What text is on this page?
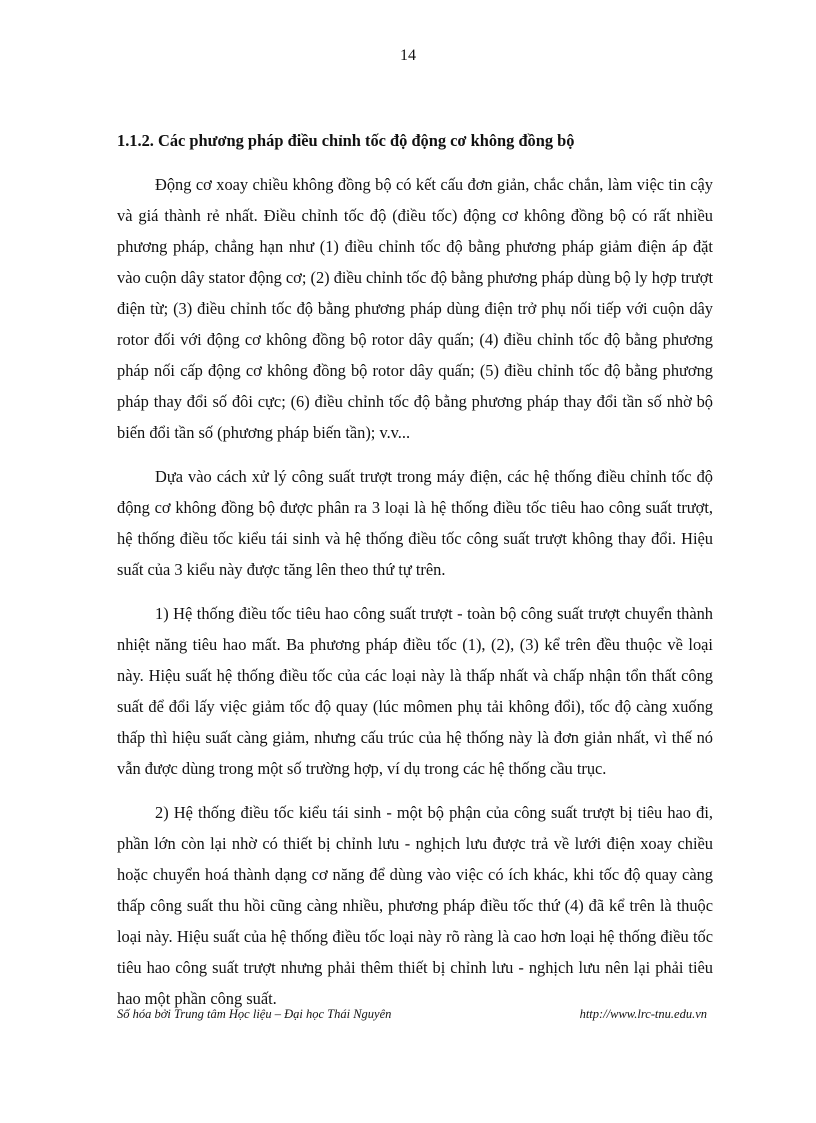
14
1.1.2. Các phương pháp điều chỉnh tốc độ động cơ không đồng bộ

Động cơ xoay chiều không đồng bộ có kết cấu đơn giản, chắc chắn, làm việc tin cậy và giá thành rẻ nhất. Điều chỉnh tốc độ (điều tốc) động cơ không đồng bộ có rất nhiều phương pháp, chẳng hạn như (1) điều chỉnh tốc độ bằng phương pháp giảm điện áp đặt vào cuộn dây stator động cơ; (2) điều chỉnh tốc độ bằng phương pháp dùng bộ ly hợp trượt điện từ; (3) điều chỉnh tốc độ bằng phương pháp dùng điện trở phụ nối tiếp với cuộn dây rotor đối với động cơ không đồng bộ rotor dây quấn; (4) điều chỉnh tốc độ bằng phương pháp nối cấp động cơ không đồng bộ rotor dây quấn; (5) điều chỉnh tốc độ bằng phương pháp thay đổi số đôi cực; (6) điều chỉnh tốc độ bằng phương pháp thay đổi tần số nhờ bộ biến đổi tần số (phương pháp biến tần); v.v...

Dựa vào cách xử lý công suất trượt trong máy điện, các hệ thống điều chỉnh tốc độ động cơ không đồng bộ được phân ra 3 loại là hệ thống điều tốc tiêu hao công suất trượt, hệ thống điều tốc kiểu tái sinh và hệ thống điều tốc công suất trượt không thay đổi. Hiệu suất của 3 kiểu này được tăng lên theo thứ tự trên.

1) Hệ thống điều tốc tiêu hao công suất trượt - toàn bộ công suất trượt chuyển thành nhiệt năng tiêu hao mất. Ba phương pháp điều tốc (1), (2), (3) kể trên đều thuộc về loại này. Hiệu suất hệ thống điều tốc của các loại này là thấp nhất và chấp nhận tổn thất công suất để đổi lấy việc giảm tốc độ quay (lúc mômen phụ tải không đổi), tốc độ càng xuống thấp thì hiệu suất càng giảm, nhưng cấu trúc của hệ thống này là đơn giản nhất, vì thế nó vẫn được dùng trong một số trường hợp, ví dụ trong các hệ thống cầu trục.

2) Hệ thống điều tốc kiểu tái sinh - một bộ phận của công suất trượt bị tiêu hao đi, phần lớn còn lại nhờ có thiết bị chỉnh lưu - nghịch lưu được trả về lưới điện xoay chiều hoặc chuyển hoá thành dạng cơ năng để dùng vào việc có ích khác, khi tốc độ quay càng thấp công suất thu hồi cũng càng nhiều, phương pháp điều tốc thứ (4) đã kể trên là thuộc loại này. Hiệu suất của hệ thống điều tốc loại này rõ ràng là cao hơn loại hệ thống điều tốc tiêu hao công suất trượt nhưng phải thêm thiết bị chỉnh lưu - nghịch lưu nên lại phải tiêu hao một phần công suất.

Số hóa bởi Trung tâm Học liệu – Đại học Thái Nguyên	http://www.lrc-tnu.edu.vn
